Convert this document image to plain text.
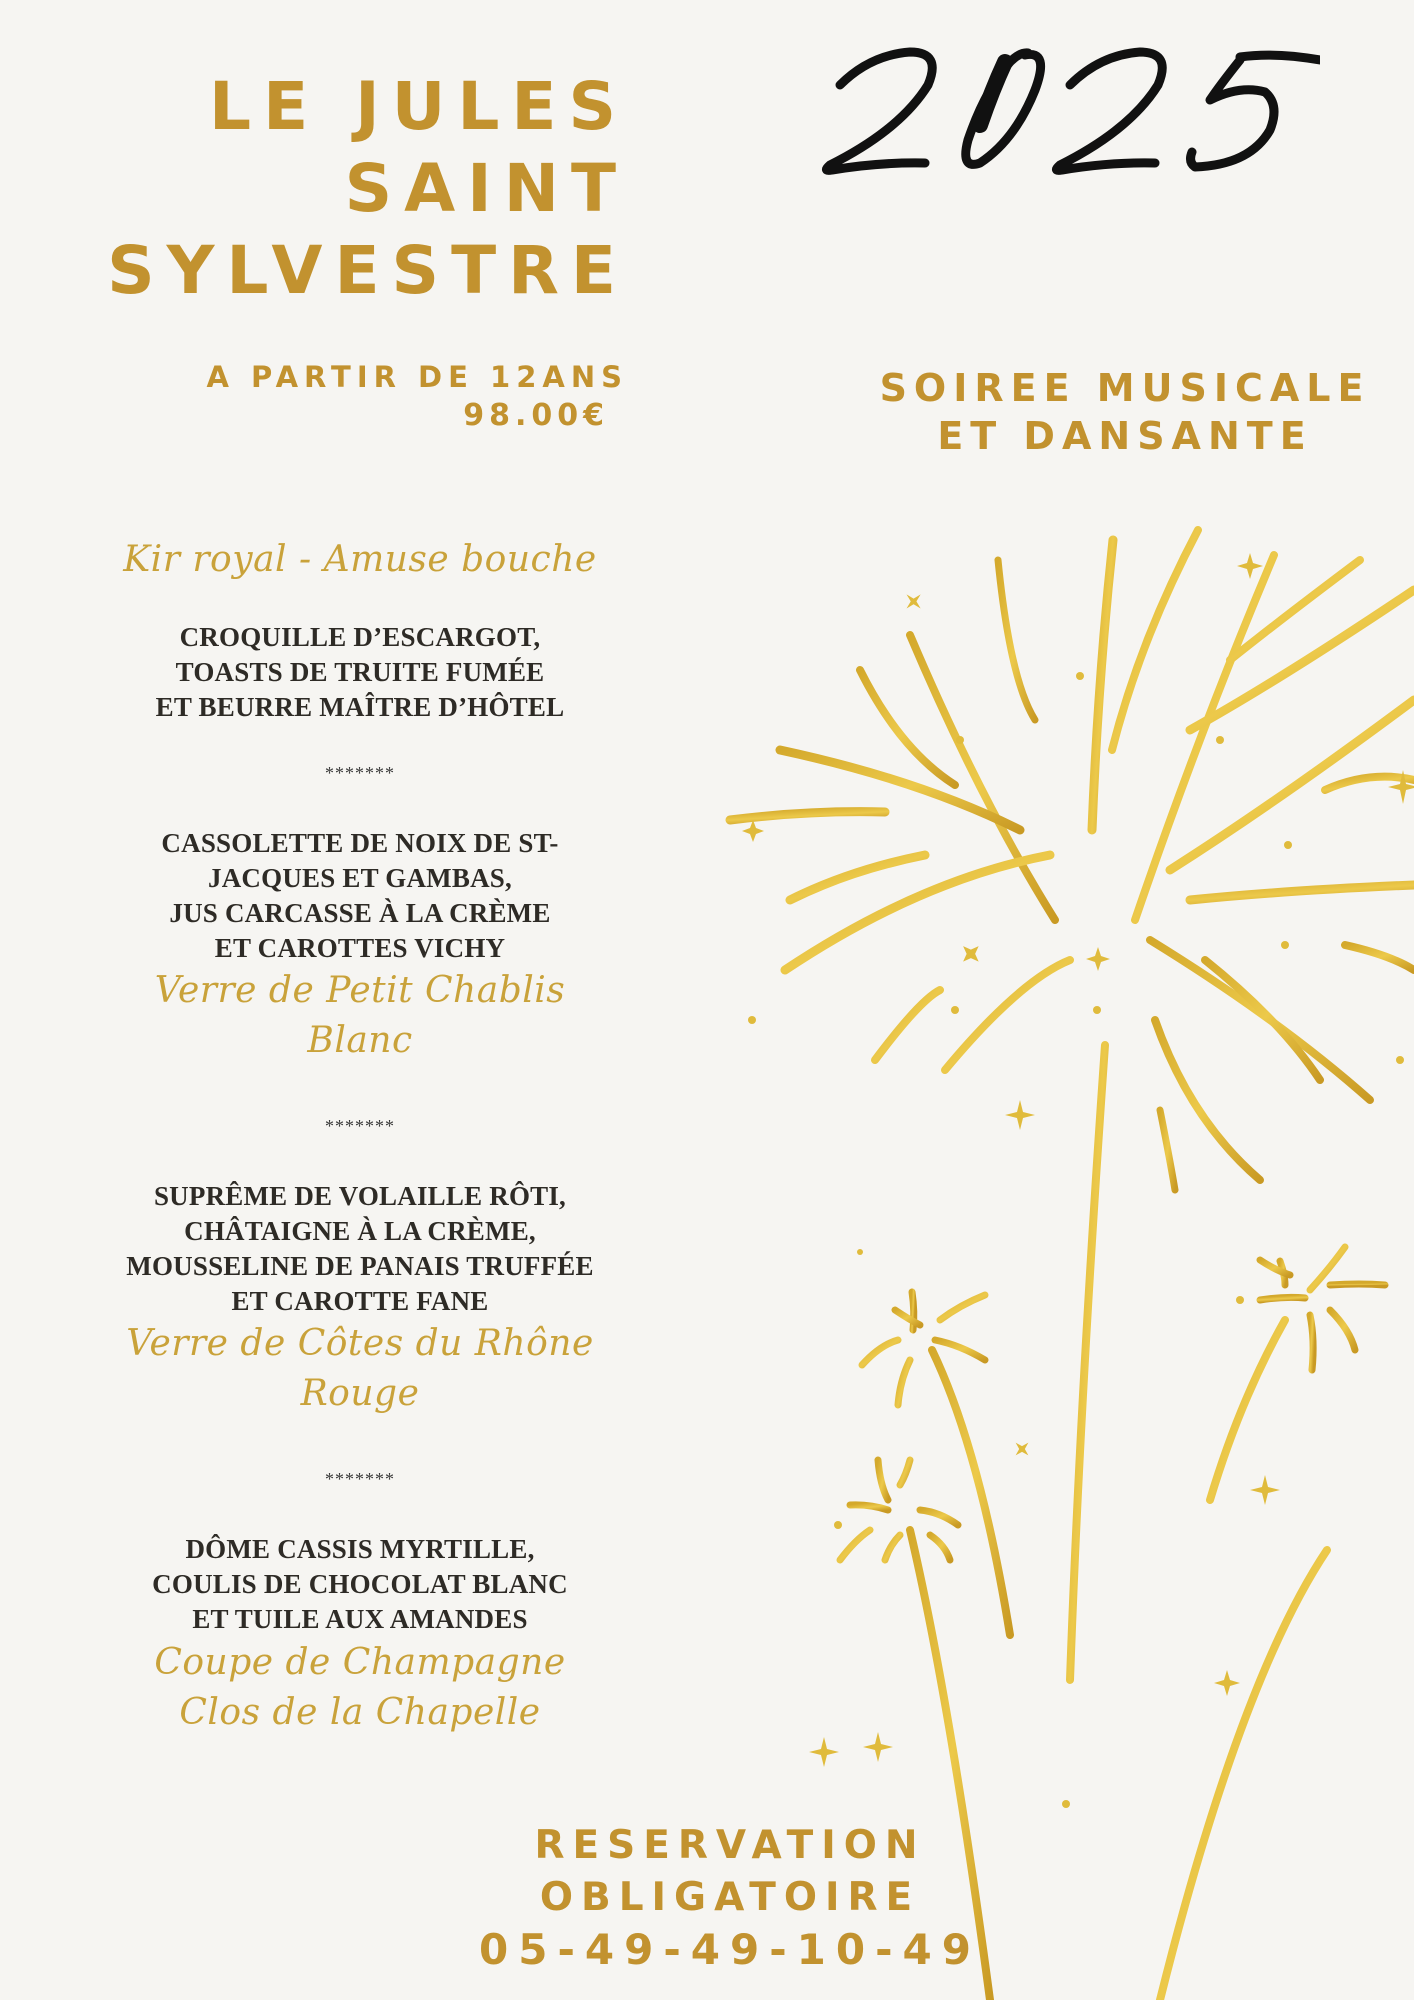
LE JULES
SAINT
SYLVESTRE
A PARTIR DE 12ANS
98.00€
SOIREE MUSICALE
ET DANSANTE
Kir royal - Amuse bouche
CROQUILLE D’ESCARGOT,
TOASTS DE TRUITE FUMÉE
ET BEURRE MAÎTRE D’HÔTEL
*******
CASSOLETTE DE NOIX DE ST-
JACQUES ET GAMBAS,
JUS CARCASSE À LA CRÈME
ET CAROTTES VICHY
Verre de Petit Chablis Blanc
*******
SUPRÊME DE VOLAILLE RÔTI,
CHÂTAIGNE À LA CRÈME,
MOUSSELINE DE PANAIS TRUFFÉE
ET CAROTTE FANE
Verre de Côtes du Rhône Rouge
*******
DÔME CASSIS MYRTILLE,
COULIS DE CHOCOLAT BLANC
ET TUILE AUX AMANDES
Coupe de Champagne
Clos de la Chapelle
RESERVATION OBLIGATOIRE
05-49-49-10-49
